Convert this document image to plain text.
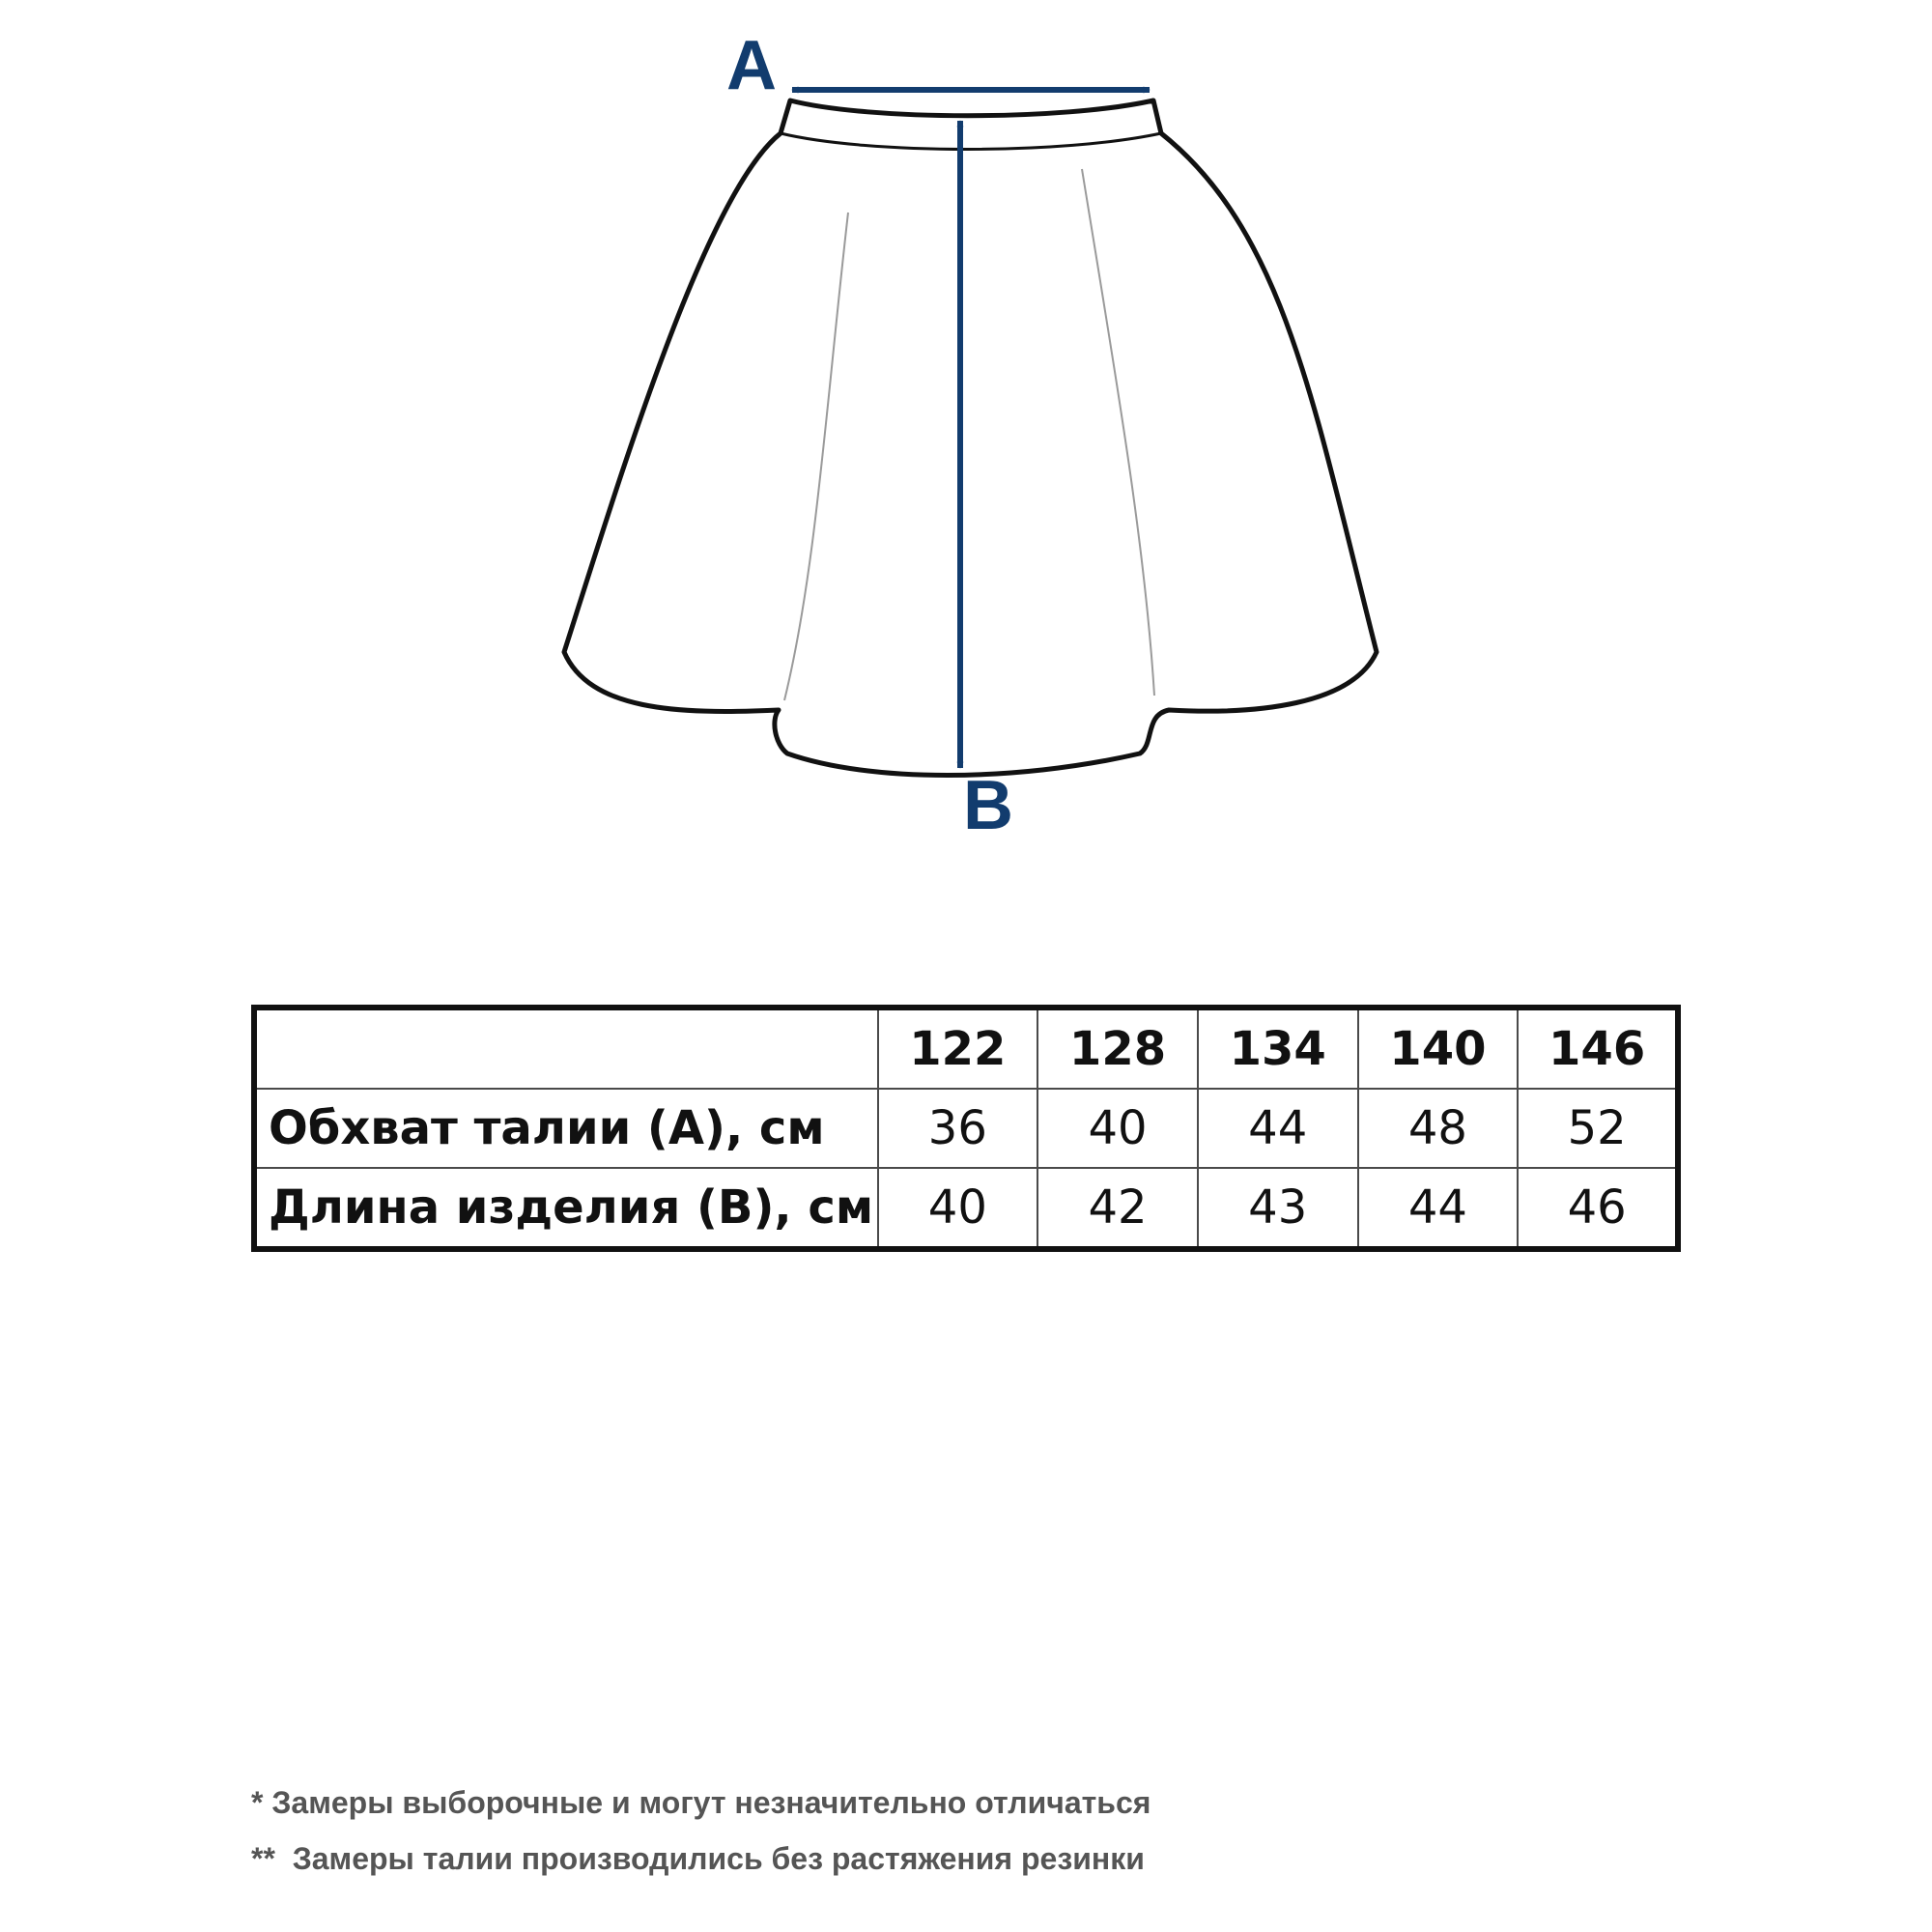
A
B
	122	128	134	140	146
Обхват талии (A), см	36	40	44	48	52
Длина изделия (B), см	40	42	43	44	46
* Замеры выборочные и могут незначительно отличаться
**  Замеры талии производились без растяжения резинки
